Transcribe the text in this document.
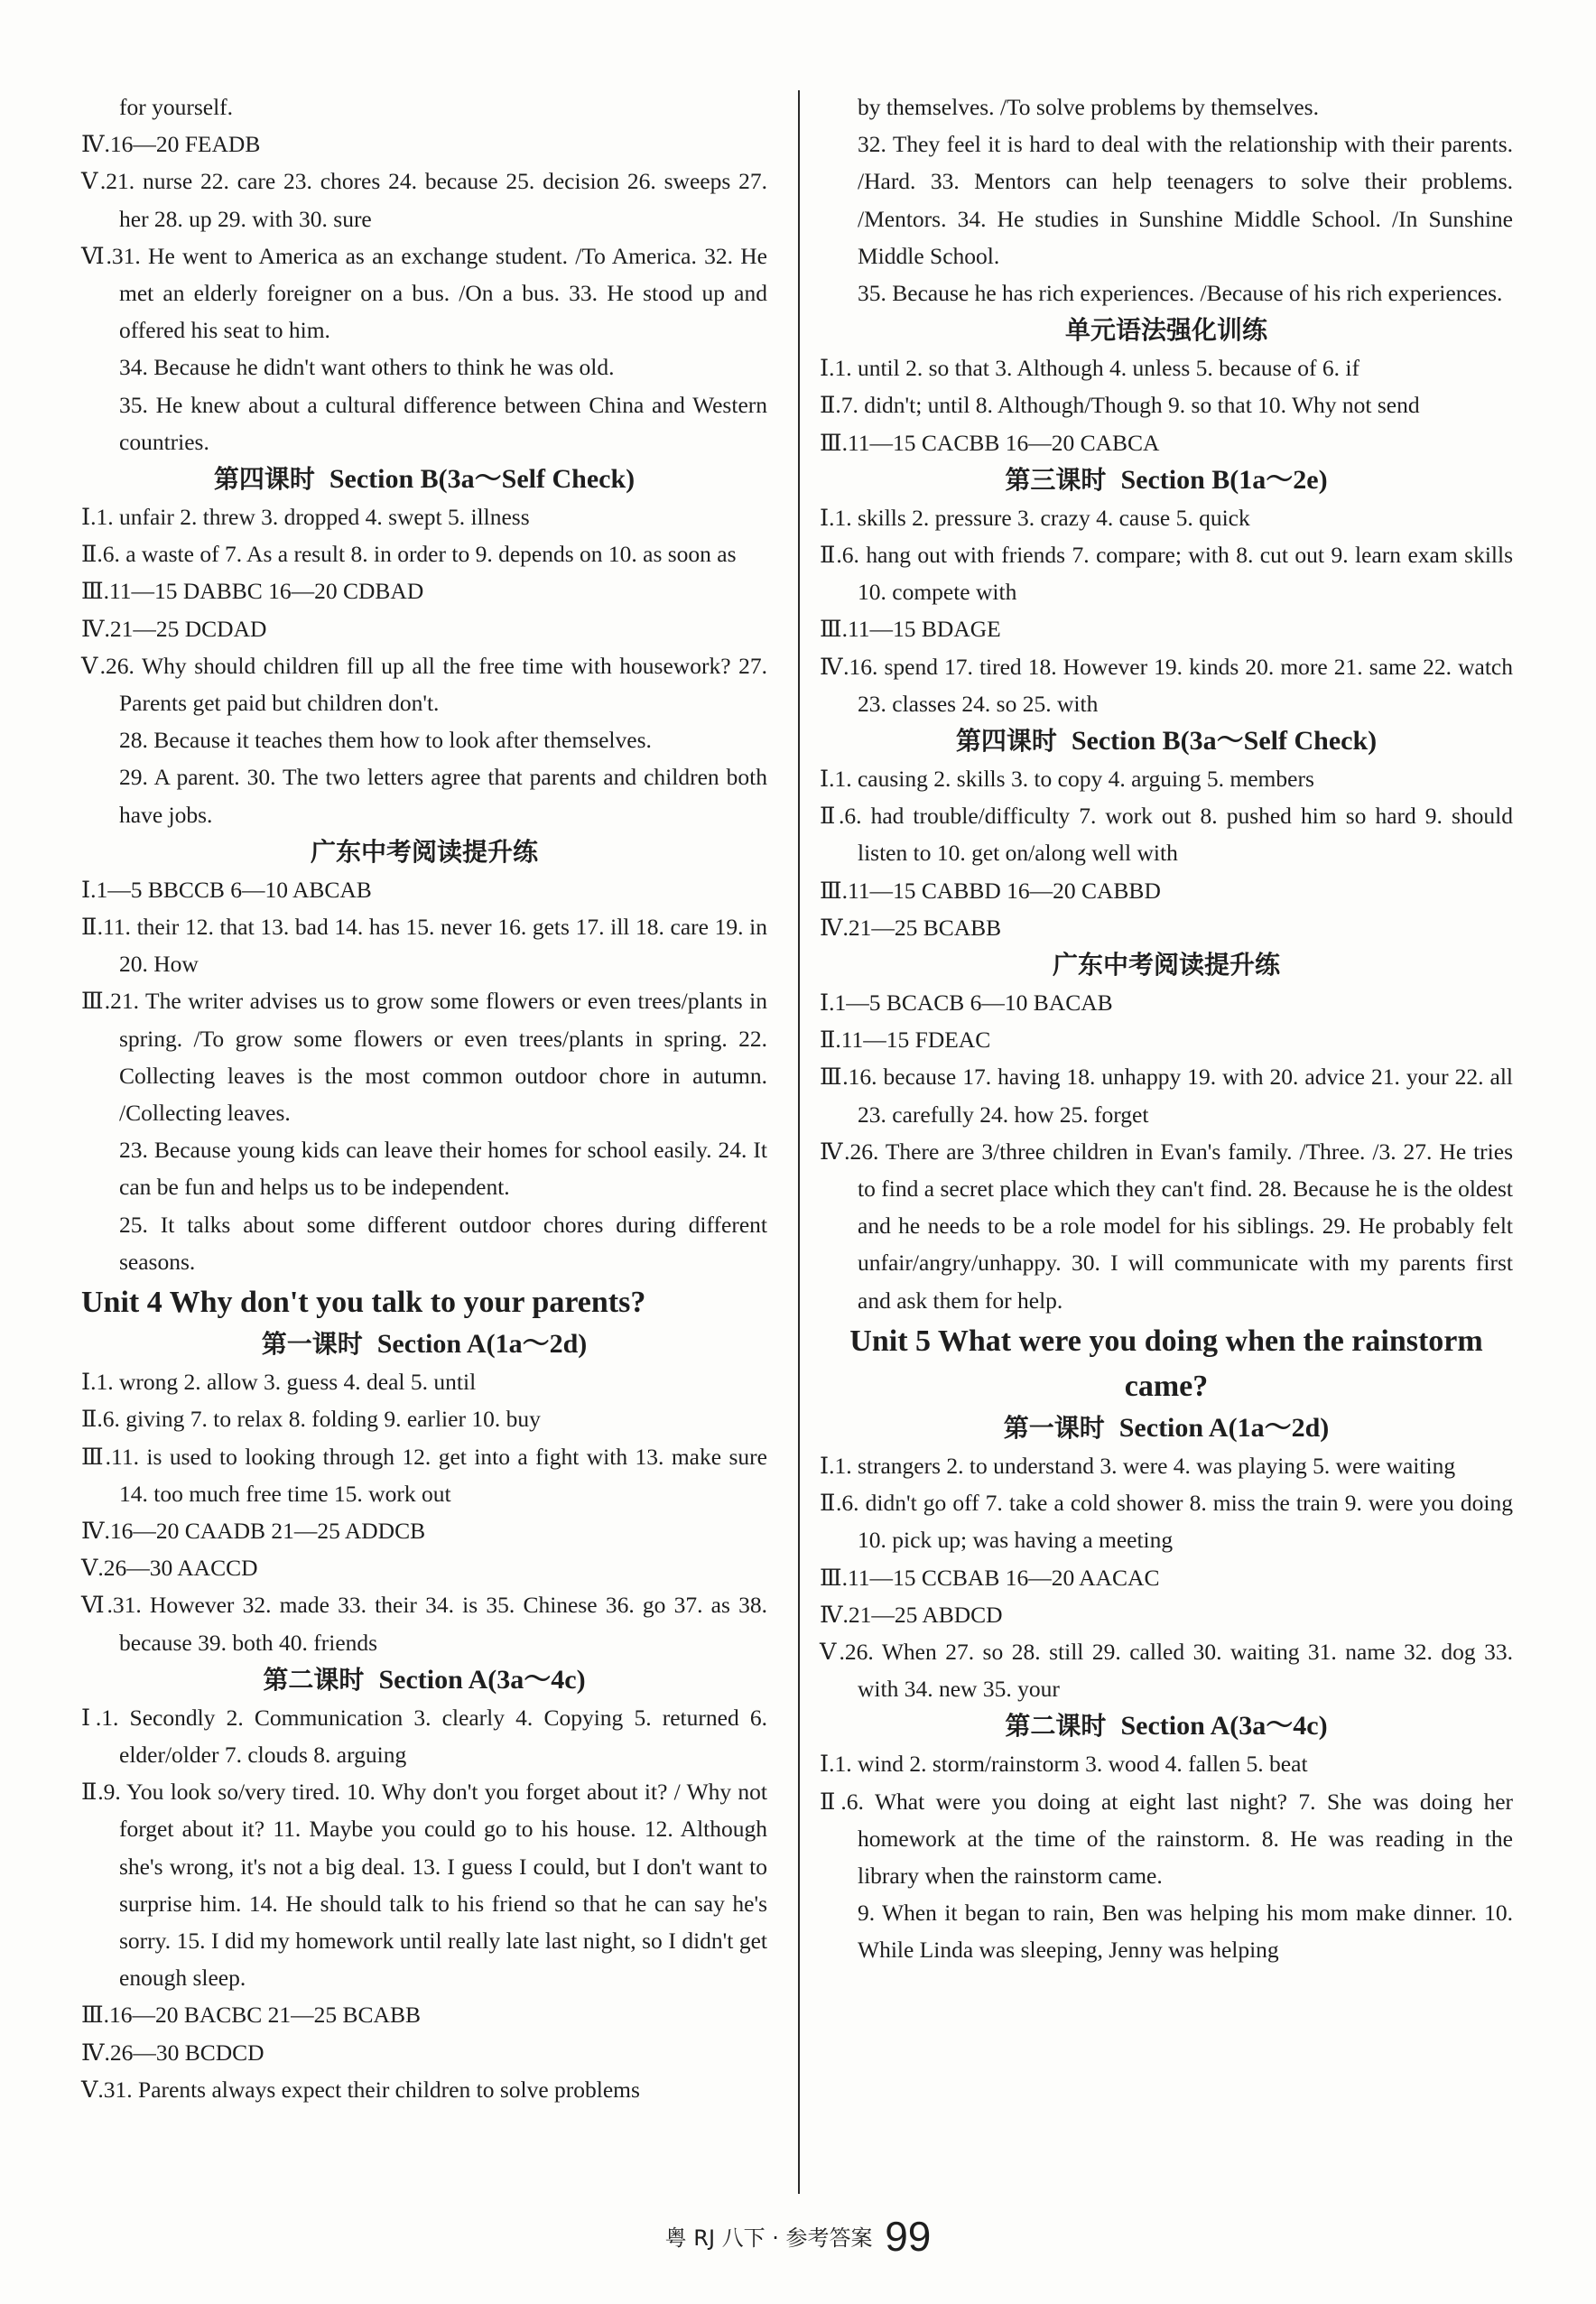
for yourself.

Ⅳ.16—20 FEADB

Ⅴ.21. nurse 22. care 23. chores 24. because 25. decision 26. sweeps 27. her 28. up 29. with 30. sure

Ⅵ.31. He went to America as an exchange student. /To America. 32. He met an elderly foreigner on a bus. /On a bus. 33. He stood up and offered his seat to him.

34. Because he didn't want others to think he was old.

35. He knew about a cultural difference between China and Western countries.

第四课时 Section B(3a～Self Check)

Ⅰ.1. unfair 2. threw 3. dropped 4. swept 5. illness

Ⅱ.6. a waste of 7. As a result 8. in order to 9. depends on 10. as soon as

Ⅲ.11—15 DABBC 16—20 CDBAD

Ⅳ.21—25 DCDAD

Ⅴ.26. Why should children fill up all the free time with housework? 27. Parents get paid but children don't.

28. Because it teaches them how to look after themselves.

29. A parent. 30. The two letters agree that parents and children both have jobs.

广东中考阅读提升练

Ⅰ.1—5 BBCCB 6—10 ABCAB

Ⅱ.11. their 12. that 13. bad 14. has 15. never 16. gets 17. ill 18. care 19. in 20. How

Ⅲ.21. The writer advises us to grow some flowers or even trees/plants in spring. /To grow some flowers or even trees/plants in spring. 22. Collecting leaves is the most common outdoor chore in autumn. /Collecting leaves.

23. Because young kids can leave their homes for school easily. 24. It can be fun and helps us to be independent.

25. It talks about some different outdoor chores during different seasons.

Unit 4 Why don't you talk to your parents?
第一课时 Section A(1a～2d)

Ⅰ.1. wrong 2. allow 3. guess 4. deal 5. until

Ⅱ.6. giving 7. to relax 8. folding 9. earlier 10. buy

Ⅲ.11. is used to looking through 12. get into a fight with 13. make sure 14. too much free time 15. work out

Ⅳ.16—20 CAADB 21—25 ADDCB

Ⅴ.26—30 AACCD

Ⅵ.31. However 32. made 33. their 34. is 35. Chinese 36. go 37. as 38. because 39. both 40. friends

第二课时 Section A(3a～4c)

Ⅰ.1. Secondly 2. Communication 3. clearly 4. Copying 5. returned 6. elder/older 7. clouds 8. arguing

Ⅱ.9. You look so/very tired. 10. Why don't you forget about it? / Why not forget about it? 11. Maybe you could go to his house. 12. Although she's wrong, it's not a big deal. 13. I guess I could, but I don't want to surprise him. 14. He should talk to his friend so that he can say he's sorry. 15. I did my homework until really late last night, so I didn't get enough sleep.

Ⅲ.16—20 BACBC 21—25 BCABB

Ⅳ.26—30 BCDCD

Ⅴ.31. Parents always expect their children to solve problems

by themselves. /To solve problems by themselves.

32. They feel it is hard to deal with the relationship with their parents. /Hard. 33. Mentors can help teenagers to solve their problems. /Mentors. 34. He studies in Sunshine Middle School. /In Sunshine Middle School.

35. Because he has rich experiences. /Because of his rich experiences.

单元语法强化训练

Ⅰ.1. until 2. so that 3. Although 4. unless 5. because of 6. if

Ⅱ.7. didn't; until 8. Although/Though 9. so that 10. Why not send

Ⅲ.11—15 CACBB 16—20 CABCA

第三课时 Section B(1a～2e)

Ⅰ.1. skills 2. pressure 3. crazy 4. cause 5. quick

Ⅱ.6. hang out with friends 7. compare; with 8. cut out 9. learn exam skills 10. compete with

Ⅲ.11—15 BDAGE

Ⅳ.16. spend 17. tired 18. However 19. kinds 20. more 21. same 22. watch 23. classes 24. so 25. with

第四课时 Section B(3a～Self Check)

Ⅰ.1. causing 2. skills 3. to copy 4. arguing 5. members

Ⅱ.6. had trouble/difficulty 7. work out 8. pushed him so hard 9. should listen to 10. get on/along well with

Ⅲ.11—15 CABBD 16—20 CABBD

Ⅳ.21—25 BCABB

广东中考阅读提升练

Ⅰ.1—5 BCACB 6—10 BACAB

Ⅱ.11—15 FDEAC

Ⅲ.16. because 17. having 18. unhappy 19. with 20. advice 21. your 22. all 23. carefully 24. how 25. forget

Ⅳ.26. There are 3/three children in Evan's family. /Three. /3. 27. He tries to find a secret place which they can't find. 28. Because he is the oldest and he needs to be a role model for his siblings. 29. He probably felt unfair/angry/unhappy. 30. I will communicate with my parents first and ask them for help.

Unit 5 What were you doing when the rainstorm came?
第一课时 Section A(1a～2d)

Ⅰ.1. strangers 2. to understand 3. were 4. was playing 5. were waiting

Ⅱ.6. didn't go off 7. take a cold shower 8. miss the train 9. were you doing 10. pick up; was having a meeting

Ⅲ.11—15 CCBAB 16—20 AACAC

Ⅳ.21—25 ABDCD

Ⅴ.26. When 27. so 28. still 29. called 30. waiting 31. name 32. dog 33. with 34. new 35. your

第二课时 Section A(3a～4c)

Ⅰ.1. wind 2. storm/rainstorm 3. wood 4. fallen 5. beat

Ⅱ.6. What were you doing at eight last night? 7. She was doing her homework at the time of the rainstorm. 8. He was reading in the library when the rainstorm came.

9. When it began to rain, Ben was helping his mom make dinner. 10. While Linda was sleeping, Jenny was helping

粤 RJ 八下 · 参考答案 99
